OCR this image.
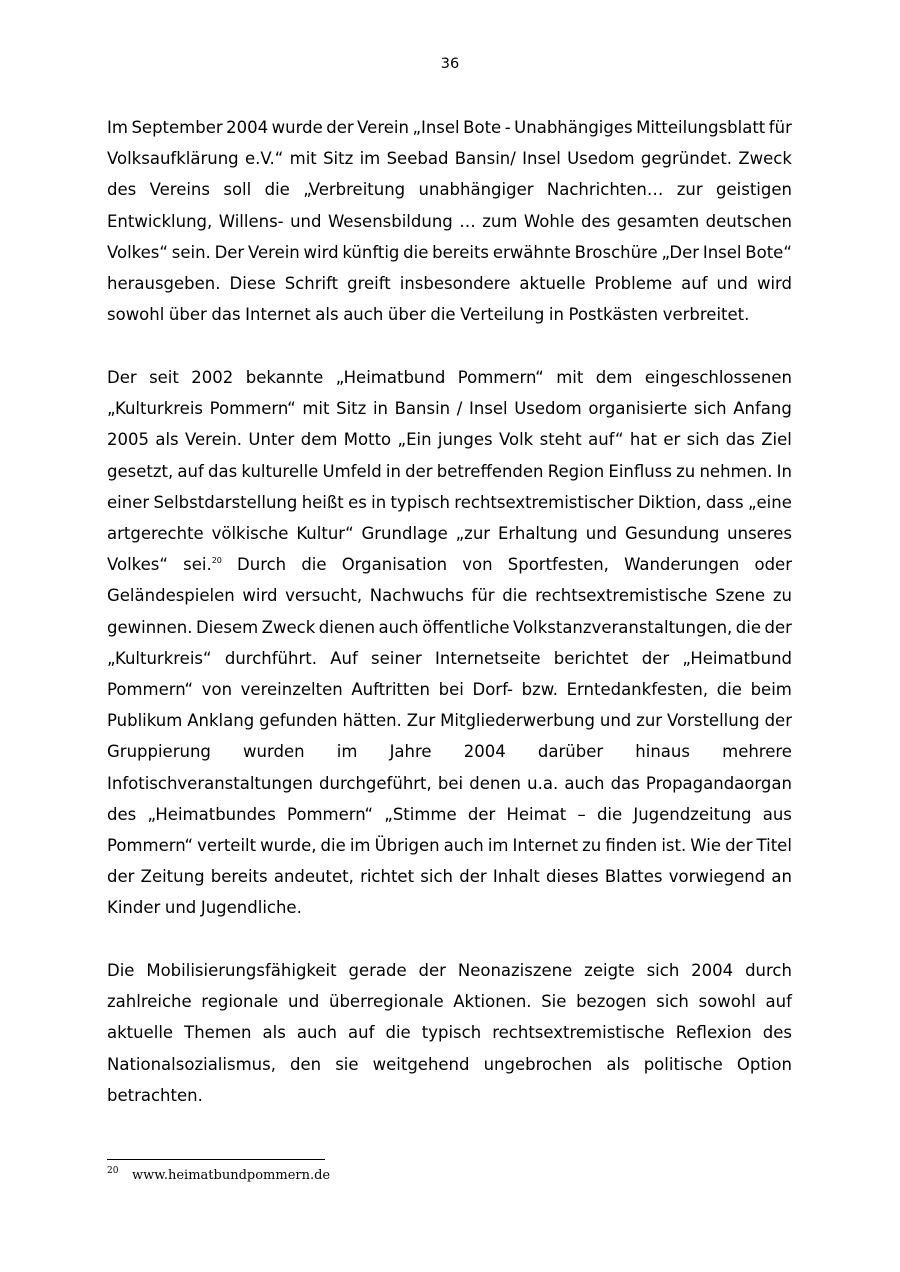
36
Im September 2004 wurde der Verein „Insel Bote - Unabhängiges Mitteilungsblatt für
Volksaufklärung e.V.“ mit Sitz im Seebad Bansin/ Insel Usedom gegründet. Zweck
des Vereins soll die „Verbreitung unabhängiger Nachrichten… zur geistigen
Entwicklung, Willens- und Wesensbildung … zum Wohle des gesamten deutschen
Volkes“ sein. Der Verein wird künftig die bereits erwähnte Broschüre „Der Insel Bote“
herausgeben. Diese Schrift greift insbesondere aktuelle Probleme auf und wird
sowohl über das Internet als auch über die Verteilung in Postkästen verbreitet.
Der seit 2002 bekannte „Heimatbund Pommern“ mit dem eingeschlossenen
„Kulturkreis Pommern“ mit Sitz in Bansin / Insel Usedom organisierte sich Anfang
2005 als Verein. Unter dem Motto „Ein junges Volk steht auf“ hat er sich das Ziel
gesetzt, auf das kulturelle Umfeld in der betreffenden Region Einfluss zu nehmen. In
einer Selbstdarstellung heißt es in typisch rechtsextremistischer Diktion, dass „eine
artgerechte völkische Kultur“ Grundlage „zur Erhaltung und Gesundung unseres
Volkes“ sei.$^{20}$ Durch die Organisation von Sportfesten, Wanderungen oder
Geländespielen wird versucht, Nachwuchs für die rechtsextremistische Szene zu
gewinnen. Diesem Zweck dienen auch öffentliche Volkstanzveranstaltungen, die der
„Kulturkreis“ durchführt. Auf seiner Internetseite berichtet der „Heimatbund
Pommern“ von vereinzelten Auftritten bei Dorf- bzw. Erntedankfesten, die beim
Publikum Anklang gefunden hätten. Zur Mitgliederwerbung und zur Vorstellung der
Gruppierung wurden im Jahre 2004 darüber hinaus mehrere
Infotischveranstaltungen durchgeführt, bei denen u.a. auch das Propagandaorgan
des „Heimatbundes Pommern“ „Stimme der Heimat – die Jugendzeitung aus
Pommern“ verteilt wurde, die im Übrigen auch im Internet zu finden ist. Wie der Titel
der Zeitung bereits andeutet, richtet sich der Inhalt dieses Blattes vorwiegend an
Kinder und Jugendliche.
Die Mobilisierungsfähigkeit gerade der Neonaziszene zeigte sich 2004 durch
zahlreiche regionale und überregionale Aktionen. Sie bezogen sich sowohl auf
aktuelle Themen als auch auf die typisch rechtsextremistische Reflexion des
Nationalsozialismus, den sie weitgehend ungebrochen als politische Option
betrachten.
20 www.heimatbundpommern.de
